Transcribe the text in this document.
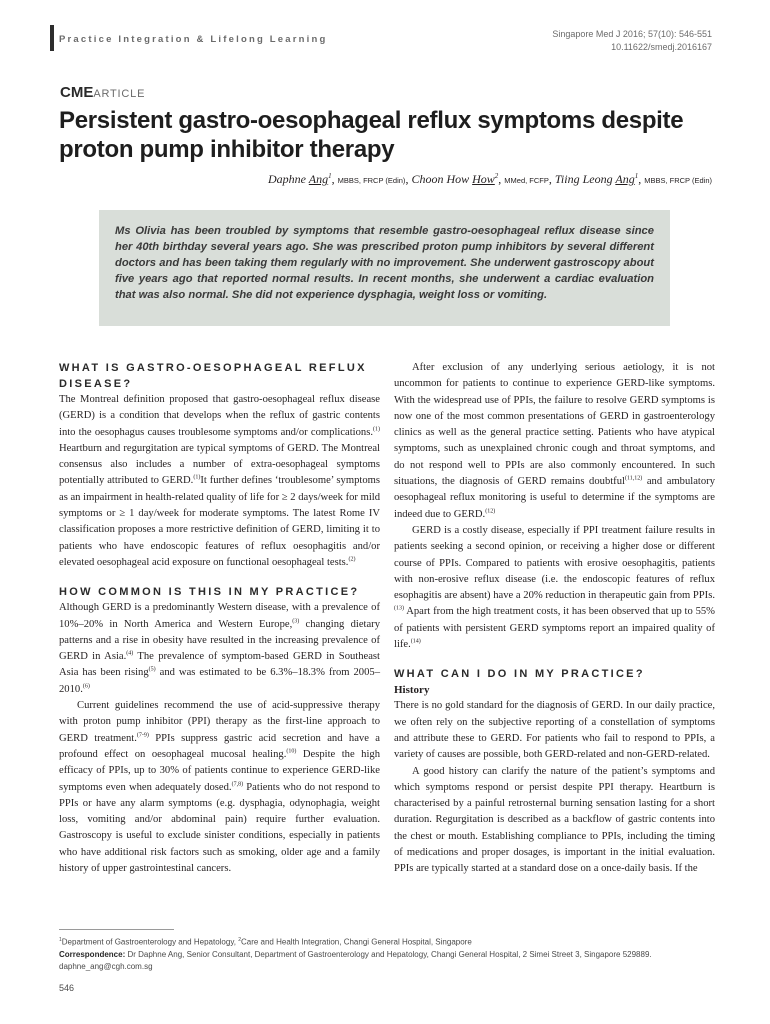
Practice Integration & Lifelong Learning	Singapore Med J 2016; 57(10): 546-551
10.11622/smedj.2016167
CMEARTICLE
Persistent gastro-oesophageal reflux symptoms despite proton pump inhibitor therapy
Daphne Ang$^1$, MBBS, FRCP (Edin), Choon How How$^2$, MMed, FCFP, Tiing Leong Ang$^1$, MBBS, FRCP (Edin)

Ms Olivia has been troubled by symptoms that resemble gastro-oesophageal reflux disease since her 40th birthday several years ago. She was prescribed proton pump inhibitors by several different doctors and has been taking them regularly with no improvement. She underwent gastroscopy about five years ago that reported normal results. In recent months, she underwent a cardiac evaluation that was also normal. She did not experience dysphagia, weight loss or vomiting.

WHAT IS GASTRO-OESOPHAGEAL REFLUX DISEASE?

The Montreal definition proposed that gastro-oesophageal reflux disease (GERD) is a condition that develops when the reflux of gastric contents into the oesophagus causes troublesome symptoms and/or complications.$^{(1)}$ Heartburn and regurgitation are typical symptoms of GERD. The Montreal consensus also includes a number of extra-oesophageal symptoms potentially attributed to GERD.$^{(1)}$It further defines ‘troublesome’ symptoms as an impairment in health-related quality of life for ≥ 2 days/week for mild symptoms or ≥ 1 day/week for moderate symptoms. The latest Rome IV classification proposes a more restrictive definition of GERD, limiting it to patients who have endoscopic features of reflux oesophagitis and/or elevated oesophageal acid exposure on functional oesophageal tests.$^{(2)}$

HOW COMMON IS THIS IN MY PRACTICE?

Although GERD is a predominantly Western disease, with a prevalence of 10%–20% in North America and Western Europe,$^{(3)}$ changing dietary patterns and a rise in obesity have resulted in the increasing prevalence of GERD in Asia.$^{(4)}$ The prevalence of symptom-based GERD in Southeast Asia has been rising$^{(5)}$ and was estimated to be 6.3%–18.3% from 2005–2010.$^{(6)}$

Current guidelines recommend the use of acid-suppressive therapy with proton pump inhibitor (PPI) therapy as the first-line approach to GERD treatment.$^{(7-9)}$ PPIs suppress gastric acid secretion and have a profound effect on oesophageal mucosal healing.$^{(10)}$ Despite the high efficacy of PPIs, up to 30% of patients continue to experience GERD-like symptoms even when adequately dosed.$^{(7,8)}$ Patients who do not respond to PPIs or have any alarm symptoms (e.g. dysphagia, odynophagia, weight loss, vomiting and/or abdominal pain) require further evaluation. Gastroscopy is useful to exclude sinister conditions, especially in patients who have additional risk factors such as smoking, older age and a family history of upper gastrointestinal cancers.

After exclusion of any underlying serious aetiology, it is not uncommon for patients to continue to experience GERD-like symptoms. With the widespread use of PPIs, the failure to resolve GERD symptoms is now one of the most common presentations of GERD in gastroenterology clinics as well as the general practice setting. Patients who have atypical symptoms, such as unexplained chronic cough and throat symptoms, and do not respond well to PPIs are also commonly encountered. In such situations, the diagnosis of GERD remains doubtful$^{(11,12)}$ and ambulatory oesophageal reflux monitoring is useful to determine if the symptoms are indeed due to GERD.$^{(12)}$

GERD is a costly disease, especially if PPI treatment failure results in patients seeking a second opinion, or receiving a higher dose or different course of PPIs. Compared to patients with erosive oesophagitis, patients with non-erosive reflux disease (i.e. the endoscopic features of reflux esophagitis are absent) have a 20% reduction in therapeutic gain from PPIs.$^{(13)}$ Apart from the high treatment costs, it has been observed that up to 55% of patients with persistent GERD symptoms report an impaired quality of life.$^{(14)}$

WHAT CAN I DO IN MY PRACTICE?
History

There is no gold standard for the diagnosis of GERD. In our daily practice, we often rely on the subjective reporting of a constellation of symptoms and attribute these to GERD. For patients who fail to respond to PPIs, a variety of causes are possible, both GERD-related and non-GERD-related.

A good history can clarify the nature of the patient’s symptoms and which symptoms respond or persist despite PPI therapy. Heartburn is characterised by a painful retrosternal burning sensation lasting for a short duration. Regurgitation is described as a backflow of gastric contents into the chest or mouth. Establishing compliance to PPIs, including the timing of medications and proper dosages, is important in the initial evaluation. PPIs are typically started at a standard dose on a once-daily basis. If the

$^1$Department of Gastroenterology and Hepatology, $^2$Care and Health Integration, Changi General Hospital, Singapore

Correspondence: Dr Daphne Ang, Senior Consultant, Department of Gastroenterology and Hepatology, Changi General Hospital, 2 Simei Street 3, Singapore 529889. daphne_ang@cgh.com.sg

546
